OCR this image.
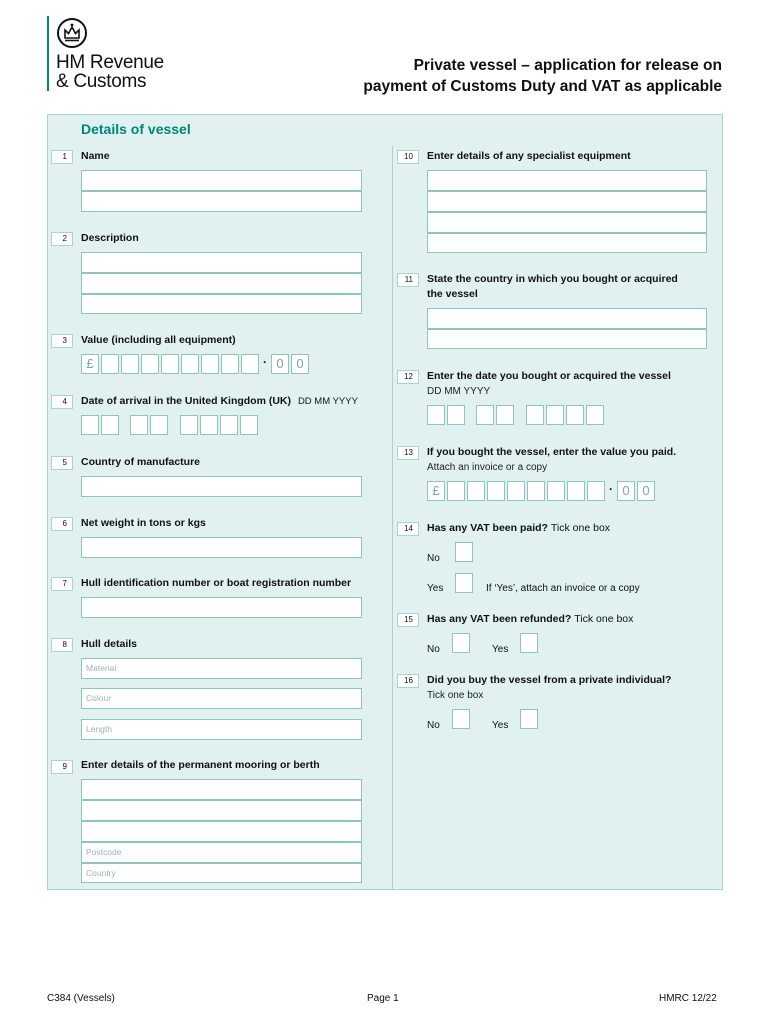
HM Revenue
& Customs
Private vessel – application for release on
payment of Customs Duty and VAT as applicable
Details of vessel
1	Name
2	Description
3	Value (including all equipment)
£	· 0 0
4	Date of arrival in the United Kingdom (UK) DD MM YYYY
5	Country of manufacture
6	Net weight in tons or kgs
7	Hull identification number or boat registration number
8	Hull details
Material
Colour
Length
9	Enter details of the permanent mooring or berth
Postcode
Country
10	Enter details of any specialist equipment
11	State the country in which you bought or acquired
the vessel
12	Enter the date you bought or acquired the vessel
DD MM YYYY
13	If you bought the vessel, enter the value you paid.
Attach an invoice or a copy
£	· 0 0
14	Has any VAT been paid? Tick one box
No
Yes	If ‘Yes’, attach an invoice or a copy
15	Has any VAT been refunded? Tick one box
No	Yes
16	Did you buy the vessel from a private individual?
Tick one box
No	Yes
C384 (Vessels)	Page 1	HMRC 12/22
